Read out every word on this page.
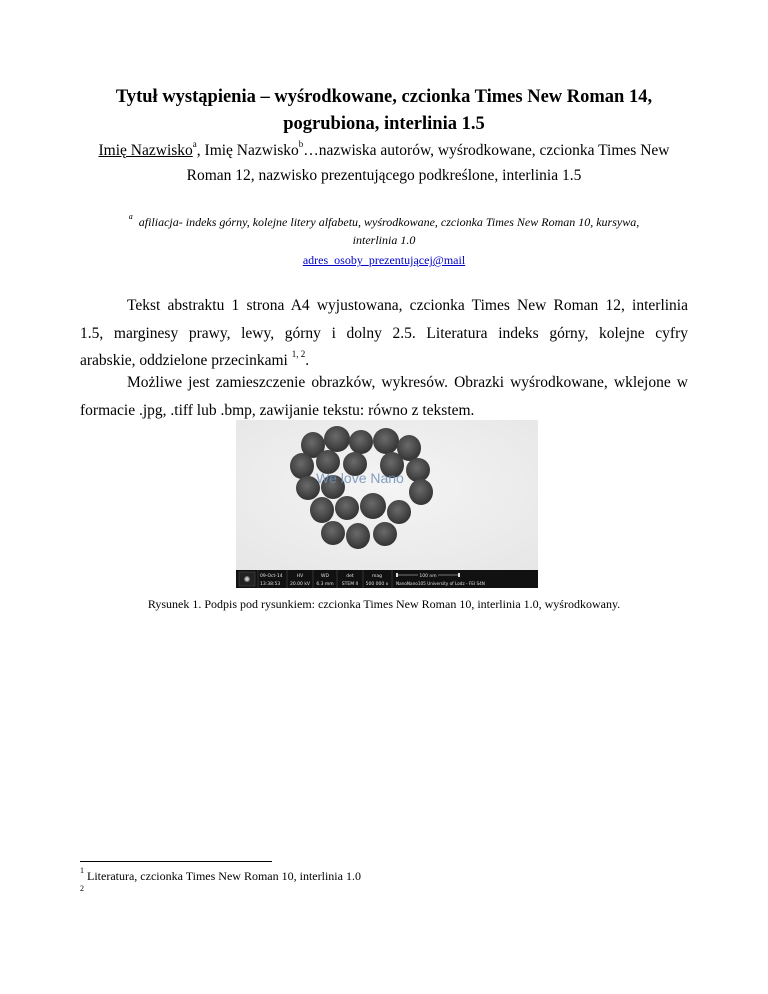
Tytuł wystąpienia – wyśrodkowane, czcionka Times New Roman 14,
pogrubiona, interlinia 1.5
Imię Nazwisko$^a$, Imię Nazwisko$^b$…nazwiska autorów, wyśrodkowane, czcionka Times New
Roman 12, nazwisko prezentującego podkreślone, interlinia 1.5
$^a$ afiliacja- indeks górny, kolejne litery alfabetu, wyśrodkowane, czcionka Times New Roman 10, kursywa,
interlinia 1.0
adres_osoby_prezentującej@mail
Tekst abstraktu 1 strona A4 wyjustowana, czcionka Times New Roman 12, interlinia
1.5, marginesy prawy, lewy, górny i dolny 2.5. Literatura indeks górny, kolejne cyfry
arabskie, oddzielone przecinkami $^{1, 2}$.
Możliwe jest zamieszczenie obrazków, wykresów. Obrazki wyśrodkowane, wklejone w
formacie .jpg, .tiff lub .bmp, zawijanie tekstu: równo z tekstem.
We love Nano
✺ 09-Oct-14
13:38:53
HV
20.00 kV
WD
6.3 mm
det
STEM II
mag
500 000 x
100 nm
NanoNano105 University of Lodz - FEI S4N
Rysunek 1. Podpis pod rysunkiem: czcionka Times New Roman 10, interlinia 1.0, wyśrodkowany.
$^1$ Literatura, czcionka Times New Roman 10, interlinia 1.0
$^2$
